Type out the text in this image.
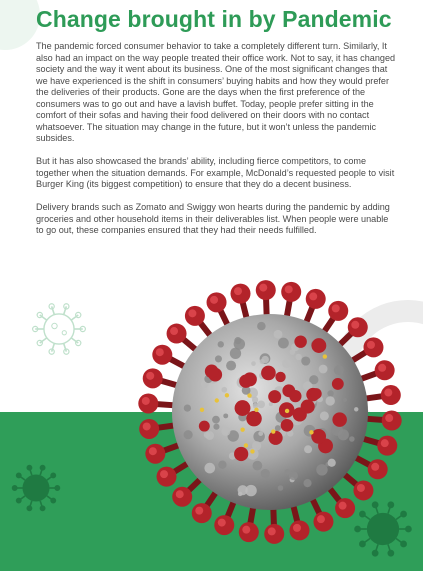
Change brought in by Pandemic

The pandemic forced consumer behavior to take a completely different turn. Similarly, It also had an impact on the way people treated their office work. Not to say, it has changed society and the way it went about its business. One of the most significant changes that we have experienced is the shift in consumers’ buying habits and how they would prefer the deliveries of their products. Gone are the days when the first preference of the consumers was to go out and have a lavish buffet. Today, people prefer sitting in the comfort of their sofas and having their food delivered on their doors with no contact whatsoever. The situation may change in the future, but it won’t unless the pandemic subsides.

But it has also showcased the brands’ ability, including fierce competitors, to come together when the situation demands. For example, McDonald’s requested people to visit Burger King (its biggest competition) to ensure that they do a decent business.

Delivery brands such as Zomato and Swiggy won hearts during the pandemic by adding groceries and other household items in their deliverables list. When people were unable to go out, these companies ensured that they had their needs fulfilled.
